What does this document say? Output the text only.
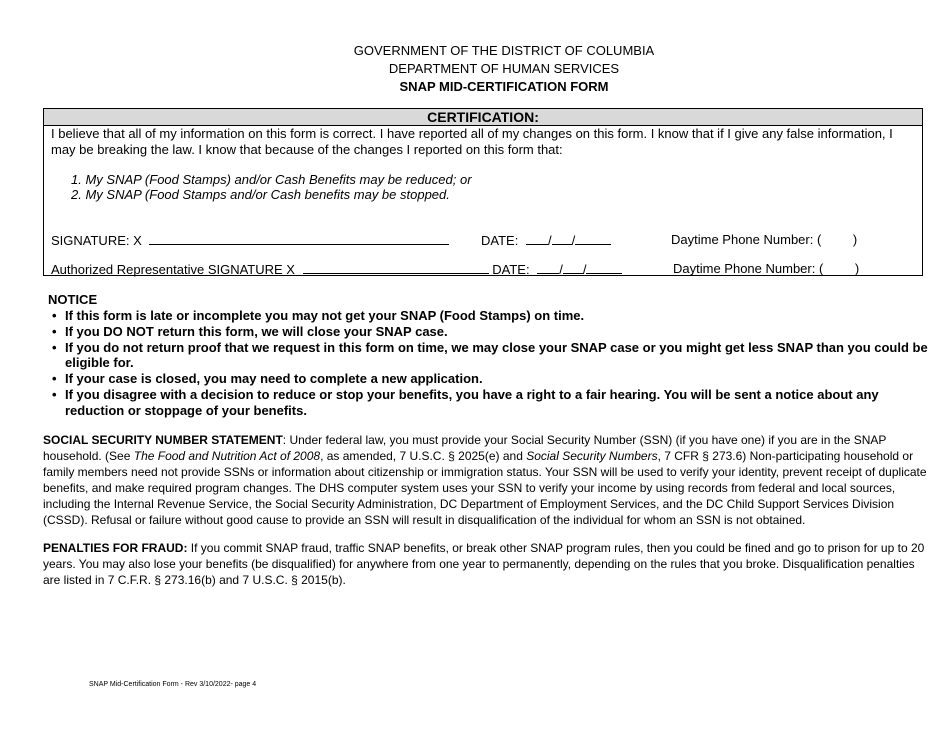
GOVERNMENT OF THE DISTRICT OF COLUMBIA
DEPARTMENT OF HUMAN SERVICES
SNAP MID-CERTIFICATION FORM
CERTIFICATION:
I believe that all of my information on this form is correct. I have reported all of my changes on this form. I know that if I give any false information, I may be breaking the law. I know that because of the changes I reported on this form that:
1. My SNAP (Food Stamps) and/or Cash Benefits may be reduced; or
2. My SNAP (Food Stamps and/or Cash benefits may be stopped.
SIGNATURE: X	DATE: / /	Daytime Phone Number: ( )
Authorized Representative SIGNATURE X	DATE: / /	Daytime Phone Number: ( )
NOTICE
• If this form is late or incomplete you may not get your SNAP (Food Stamps) on time.
• If you DO NOT return this form, we will close your SNAP case.
• If you do not return proof that we request in this form on time, we may close your SNAP case or you might get less SNAP than you could be eligible for.
• If your case is closed, you may need to complete a new application.
• If you disagree with a decision to reduce or stop your benefits, you have a right to a fair hearing. You will be sent a notice about any reduction or stoppage of your benefits.
SOCIAL SECURITY NUMBER STATEMENT: Under federal law, you must provide your Social Security Number (SSN) (if you have one) if you are in the SNAP household. (See The Food and Nutrition Act of 2008, as amended, 7 U.S.C. § 2025(e) and Social Security Numbers, 7 CFR § 273.6) Non-participating household or family members need not provide SSNs or information about citizenship or immigration status. Your SSN will be used to verify your identity, prevent receipt of duplicate benefits, and make required program changes. The DHS computer system uses your SSN to verify your income by using records from federal and local sources, including the Internal Revenue Service, the Social Security Administration, DC Department of Employment Services, and the DC Child Support Services Division (CSSD). Refusal or failure without good cause to provide an SSN will result in disqualification of the individual for whom an SSN is not obtained.
PENALTIES FOR FRAUD: If you commit SNAP fraud, traffic SNAP benefits, or break other SNAP program rules, then you could be fined and go to prison for up to 20 years. You may also lose your benefits (be disqualified) for anywhere from one year to permanently, depending on the rules that you broke. Disqualification penalties are listed in 7 C.F.R. § 273.16(b) and 7 U.S.C. § 2015(b).
SNAP Mid-Certification Form - Rev 3/10/2022- page 4
